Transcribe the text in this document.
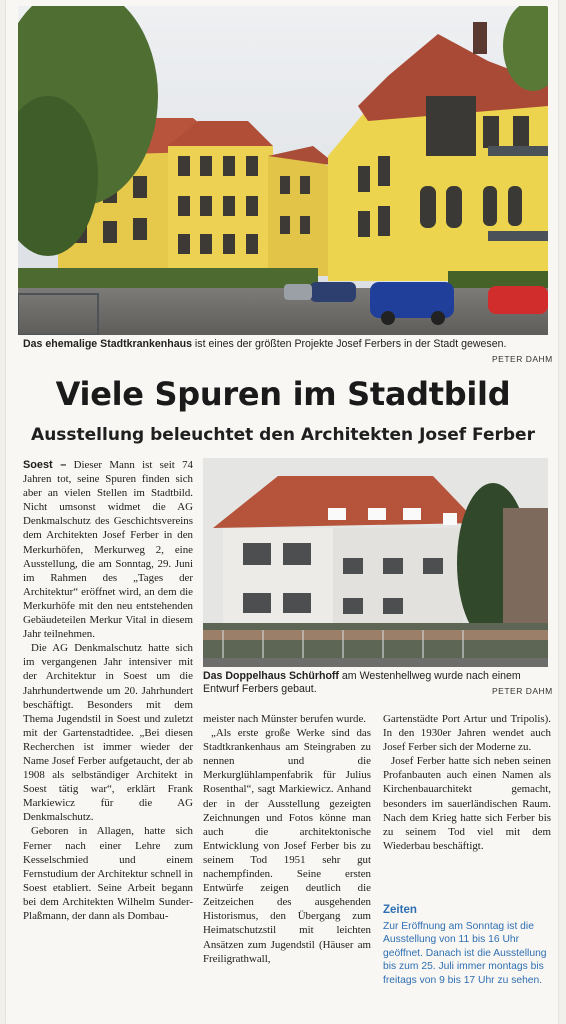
Das ehemalige Stadtkrankenhaus ist eines der größten Projekte Josef Ferbers in der Stadt gewesen.
PETER DAHM
Viele Spuren im Stadtbild
Ausstellung beleuchtet den Architekten Josef Ferber
Das Doppelhaus Schürhoff am Westenhellweg wurde nach einem Entwurf Ferbers gebaut.	PETER DAHM

Soest – Dieser Mann ist seit 74 Jahren tot, seine Spuren finden sich aber an vielen Stellen im Stadtbild. Nicht umsonst widmet die AG Denkmalschutz des Geschichtsvereins dem Architekten Josef Ferber in den Merkurhöfen, Merkurweg 2, eine Ausstellung, die am Sonntag, 29. Juni im Rahmen des „Tages der Architektur“ eröffnet wird, an dem die Merkurhöfe mit den neu entstehenden Gebäudeteilen Merkur Vital in diesem Jahr teilnehmen.

Die AG Denkmalschutz hatte sich im vergangenen Jahr intensiver mit der Architektur in Soest um die Jahrhundertwende um 20. Jahrhundert beschäftigt. Besonders mit dem Thema Jugendstil in Soest und zuletzt mit der Gartenstadtidee. „Bei diesen Recherchen ist immer wieder der Name Josef Ferber aufgetaucht, der ab 1908 als selbständiger Architekt in Soest tätig war“, erklärt Frank Markiewicz für die AG Denkmalschutz.

Geboren in Allagen, hatte sich Ferner nach einer Lehre zum Kesselschmied und einem Fernstudium der Architektur schnell in Soest etabliert. Seine Arbeit begann bei dem Architekten Wilhelm Sunder-Plaßmann, der dann als Dombau-

meister nach Münster berufen wurde.

„Als erste große Werke sind das Stadtkrankenhaus am Steingraben zu nennen und die Merkurglühlampenfabrik für Julius Rosenthal“, sagt Markiewicz. Anhand der in der Ausstellung gezeigten Zeichnungen und Fotos könne man auch die architektonische Entwicklung von Josef Ferber bis zu seinem Tod 1951 sehr gut nachempfinden. Seine ersten Entwürfe zeigen deutlich die Zeitzeichen des ausgehenden Historismus, den Übergang zum Heimatschutzstil mit leichten Ansätzen zum Jugendstil (Häuser am Freiligrathwall,

Gartenstädte Port Artur und Tripolis). In den 1930er Jahren wendet auch Josef Ferber sich der Moderne zu.

Josef Ferber hatte sich neben seinen Profanbauten auch einen Namen als Kirchenbauarchitekt gemacht, besonders im sauerländischen Raum. Nach dem Krieg hatte sich Ferber bis zu seinem Tod viel mit dem Wiederbau beschäftigt.

Zeiten
Zur Eröffnung am Sonntag ist die Ausstellung von 11 bis 16 Uhr geöffnet. Danach ist die Ausstellung bis zum 25. Juli immer montags bis freitags von 9 bis 17 Uhr zu sehen.
